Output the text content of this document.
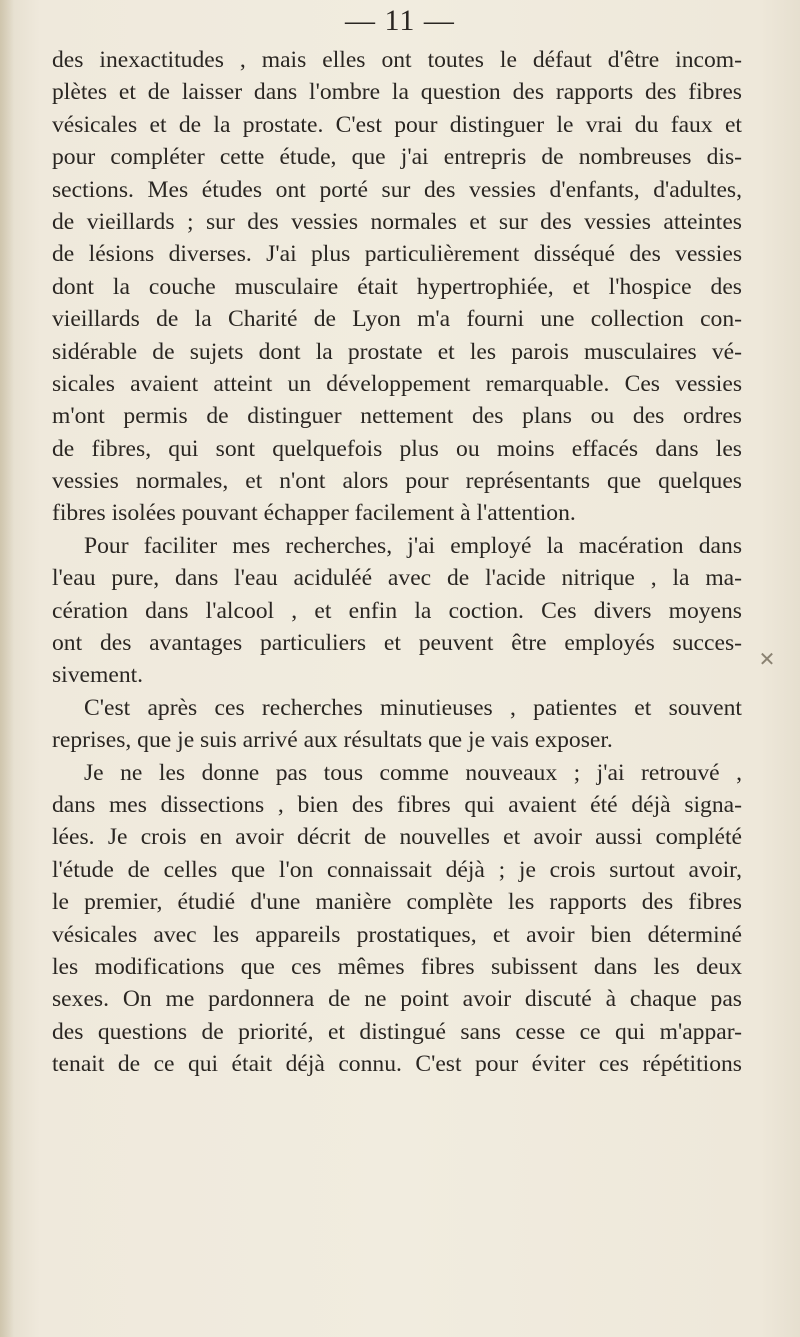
— 11 —
des inexactitudes , mais elles ont toutes le défaut d'être incom-
plètes et de laisser dans l'ombre la question des rapports des fibres
vésicales et de la prostate. C'est pour distinguer le vrai du faux et
pour compléter cette étude, que j'ai entrepris de nombreuses dis-
sections. Mes études ont porté sur des vessies d'enfants, d'adultes,
de vieillards ; sur des vessies normales et sur des vessies atteintes
de lésions diverses. J'ai plus particulièrement disséqué des vessies
dont la couche musculaire était hypertrophiée, et l'hospice des
vieillards de la Charité de Lyon m'a fourni une collection con-
sidérable de sujets dont la prostate et les parois musculaires vé-
sicales avaient atteint un développement remarquable. Ces vessies
m'ont permis de distinguer nettement des plans ou des ordres
de fibres, qui sont quelquefois plus ou moins effacés dans les
vessies normales, et n'ont alors pour représentants que quelques
fibres isolées pouvant échapper facilement à l'attention.
Pour faciliter mes recherches, j'ai employé la macération dans
l'eau pure, dans l'eau aciduléé avec de l'acide nitrique , la ma-
cération dans l'alcool , et enfin la coction. Ces divers moyens
ont des avantages particuliers et peuvent être employés succes-
sivement.
C'est après ces recherches minutieuses , patientes et souvent
reprises, que je suis arrivé aux résultats que je vais exposer.
Je ne les donne pas tous comme nouveaux ; j'ai retrouvé ,
dans mes dissections , bien des fibres qui avaient été déjà signa-
lées. Je crois en avoir décrit de nouvelles et avoir aussi complété
l'étude de celles que l'on connaissait déjà ; je crois surtout avoir,
le premier, étudié d'une manière complète les rapports des fibres
vésicales avec les appareils prostatiques, et avoir bien déterminé
les modifications que ces mêmes fibres subissent dans les deux
sexes. On me pardonnera de ne point avoir discuté à chaque pas
des questions de priorité, et distingué sans cesse ce qui m'appar-
tenait de ce qui était déjà connu. C'est pour éviter ces répétitions
✕
